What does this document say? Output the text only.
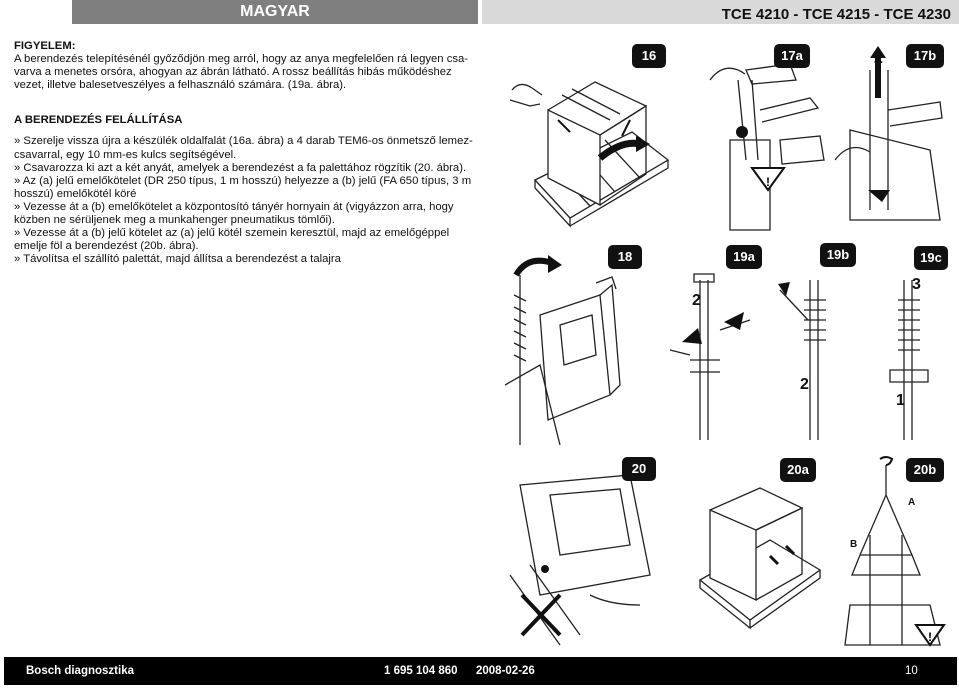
MAGYAR	TCE 4210 - TCE 4215 - TCE 4230

FIGYELEM:

A berendezés telepítésénél győződjön meg arról, hogy az anya megfelelően rá legyen csa-

varva a menetes orsóra, ahogyan az ábrán látható. A rossz beállítás hibás működéshez

vezet, illetve balesetveszélyes a felhasználó számára. (19a. ábra).

A BERENDEZÉS FELÁLLÍTÁSA

» Szerelje vissza újra a készülék oldalfalát (16a. ábra) a 4 darab TEM6-os önmetsző lemez-

csavarral, egy 10 mm-es kulcs segítségével.

» Csavarozza ki azt a két anyát, amelyek a berendezést a fa palettához rögzítik (20. ábra).

» Az (a) jelű emelőkötelet (DR 250 típus, 1 m hosszú) helyezze a (b) jelű (FA 650 típus, 3 m

hosszú) emelőkötél köré

» Vezesse át a (b) emelőkötelet a központosító tányér hornyain át (vigyázzon arra, hogy

közben ne sérüljenek meg a munkahenger pneumatikus tömlői).

» Vezesse át a (b) jelű kötelet az (a) jelű kötél szemein keresztül, majd az emelőgéppel

emelje föl a berendezést (20b. ábra).

» Távolítsa el szállító palettát, majd állítsa a berendezést a talajra

16
!
17a	17b
2
18	19a
2
19b
2
19c
3
1
20	20a
!
20b
A
B
Bosch diagnosztika	1 695 104 860 2008-02-26	10
